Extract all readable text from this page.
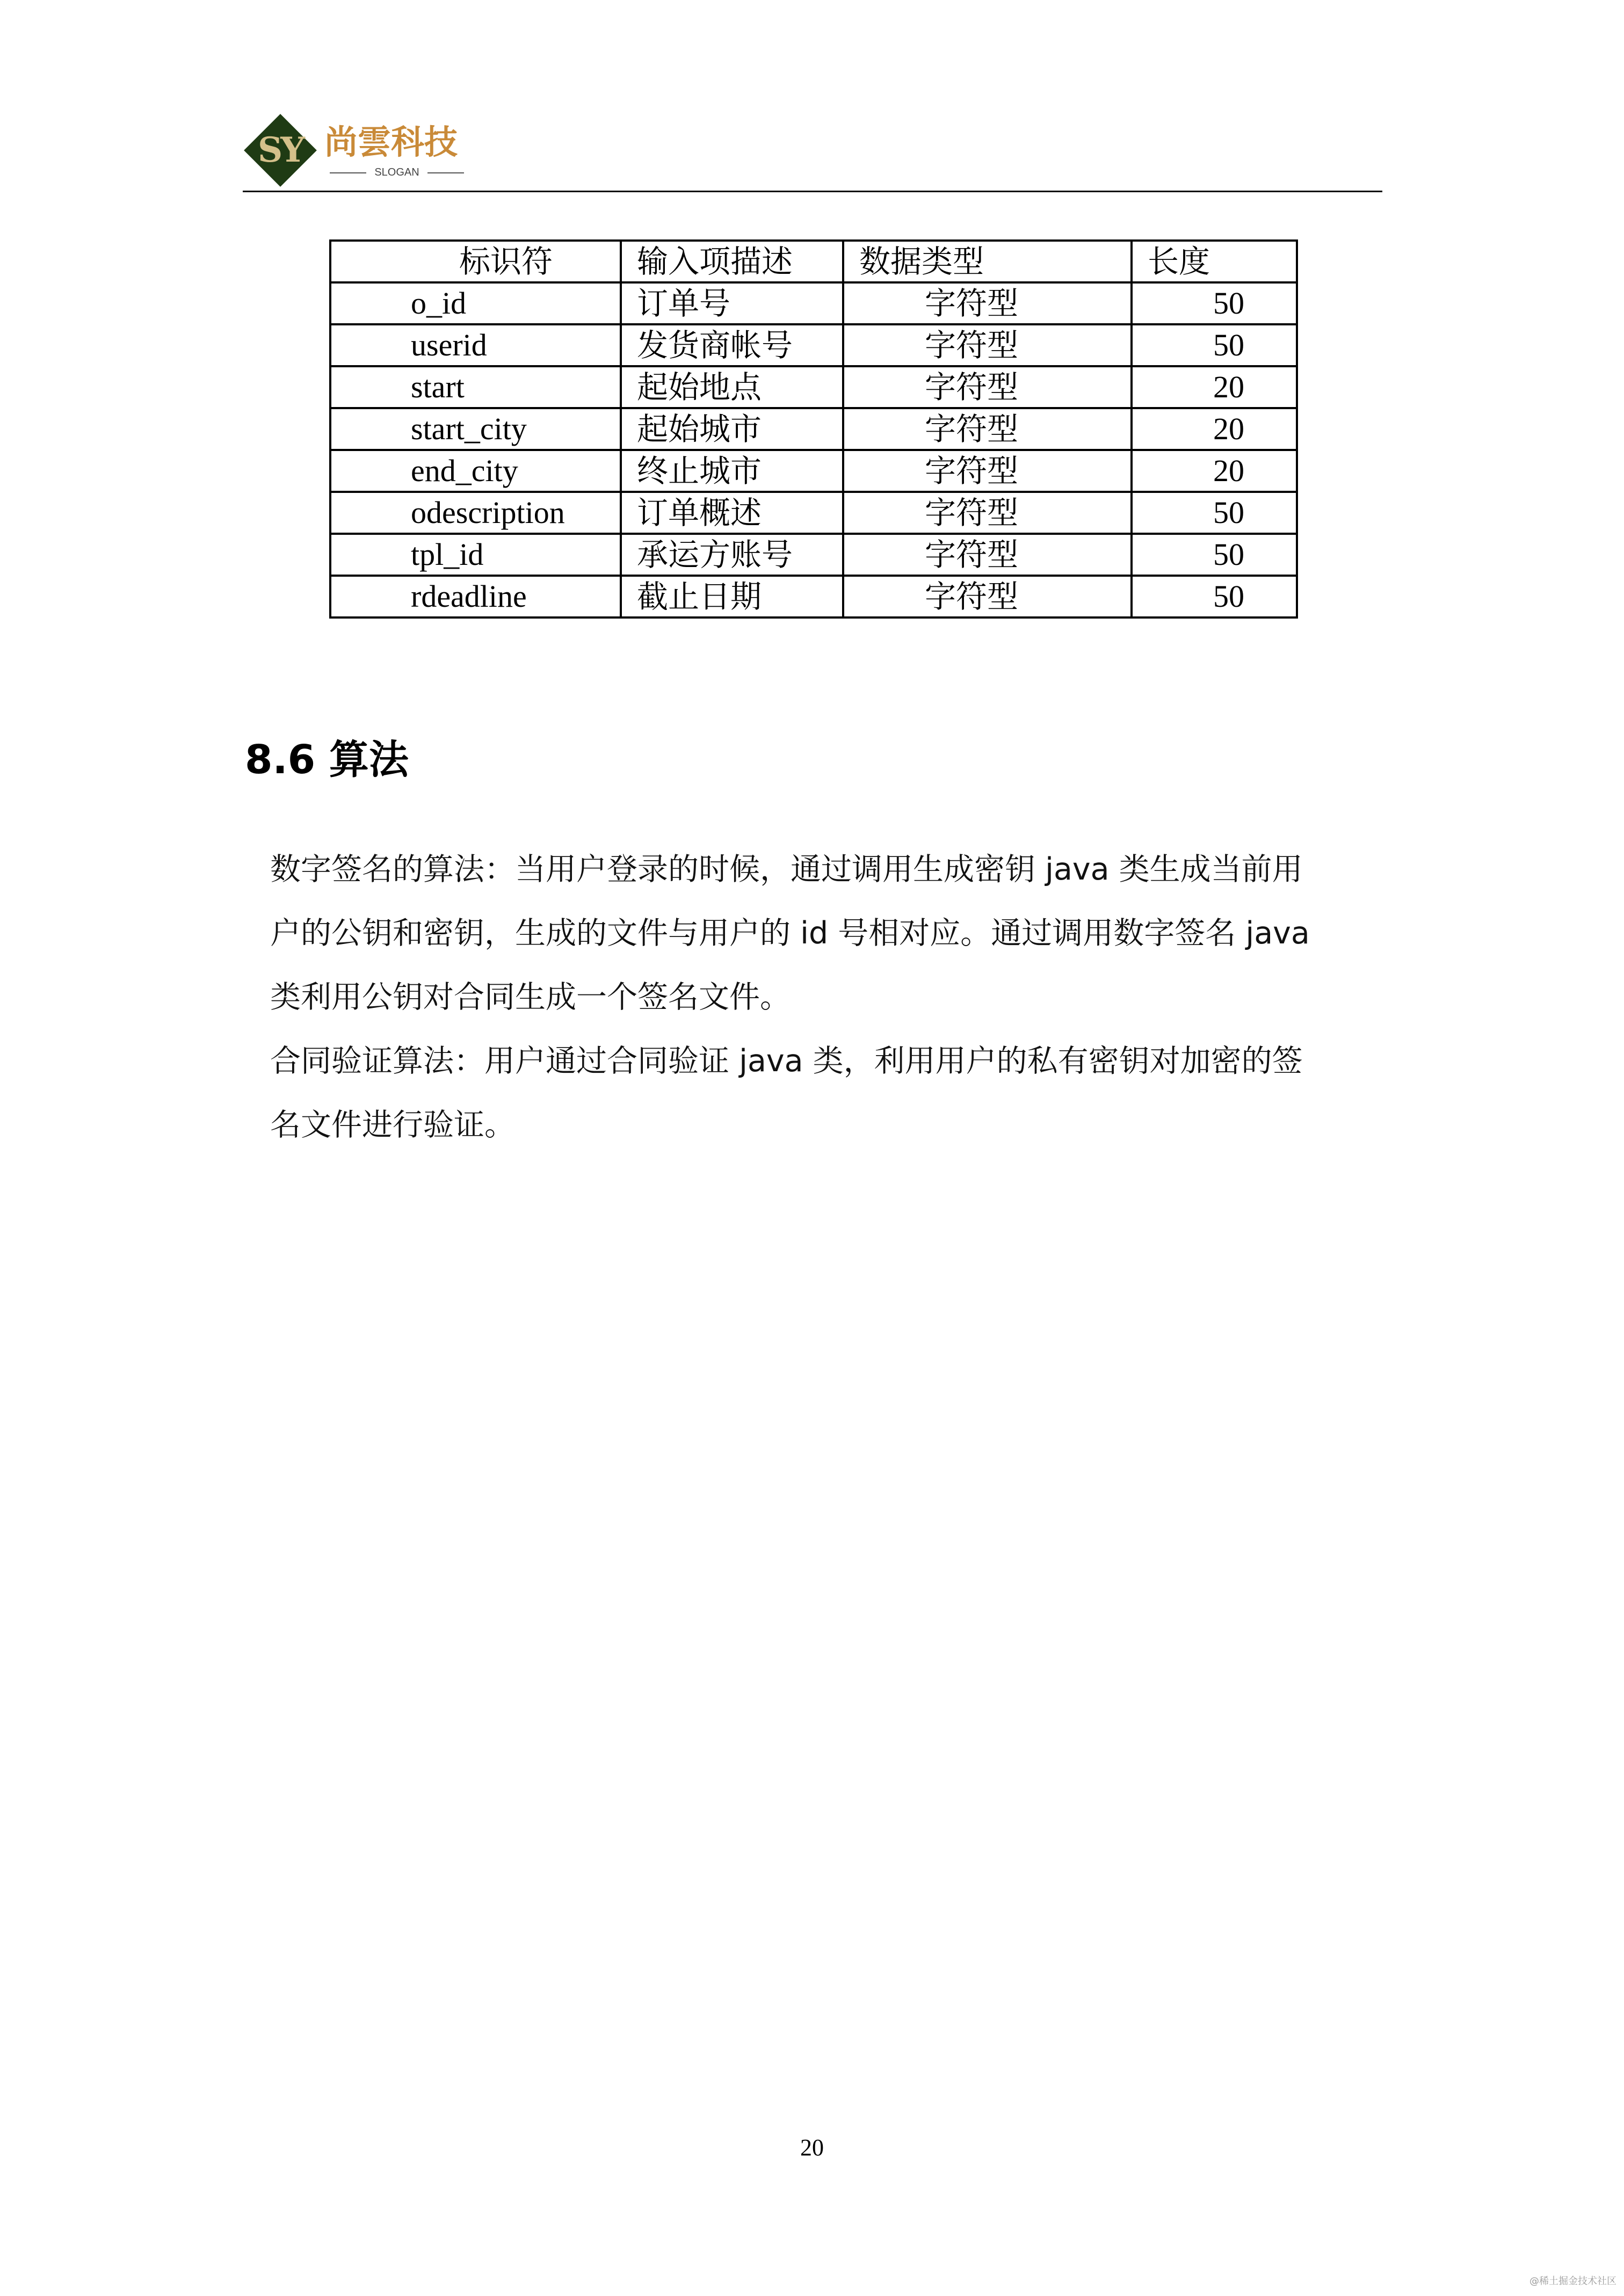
SY 尚雲科技
SLOGAN
标识符	输入项描述	数据类型	长度
o_id	订单号	字符型	50
userid	发货商帐号	字符型	50
start	起始地点	字符型	20
start_city	起始城市	字符型	20
end_city	终止城市	字符型	20
odescription	订单概述	字符型	50
tpl_id	承运方账号	字符型	50
rdeadline	截止日期	字符型	50
8.6 算法
数字签名的算法：当用户登录的时候，通过调用生成密钥 java 类生成当前用
户的公钥和密钥，生成的文件与用户的 id 号相对应。通过调用数字签名 java
类利用公钥对合同生成一个签名文件。
合同验证算法：用户通过合同验证 java 类，利用用户的私有密钥对加密的签
名文件进行验证。
20
@稀土掘金技术社区
